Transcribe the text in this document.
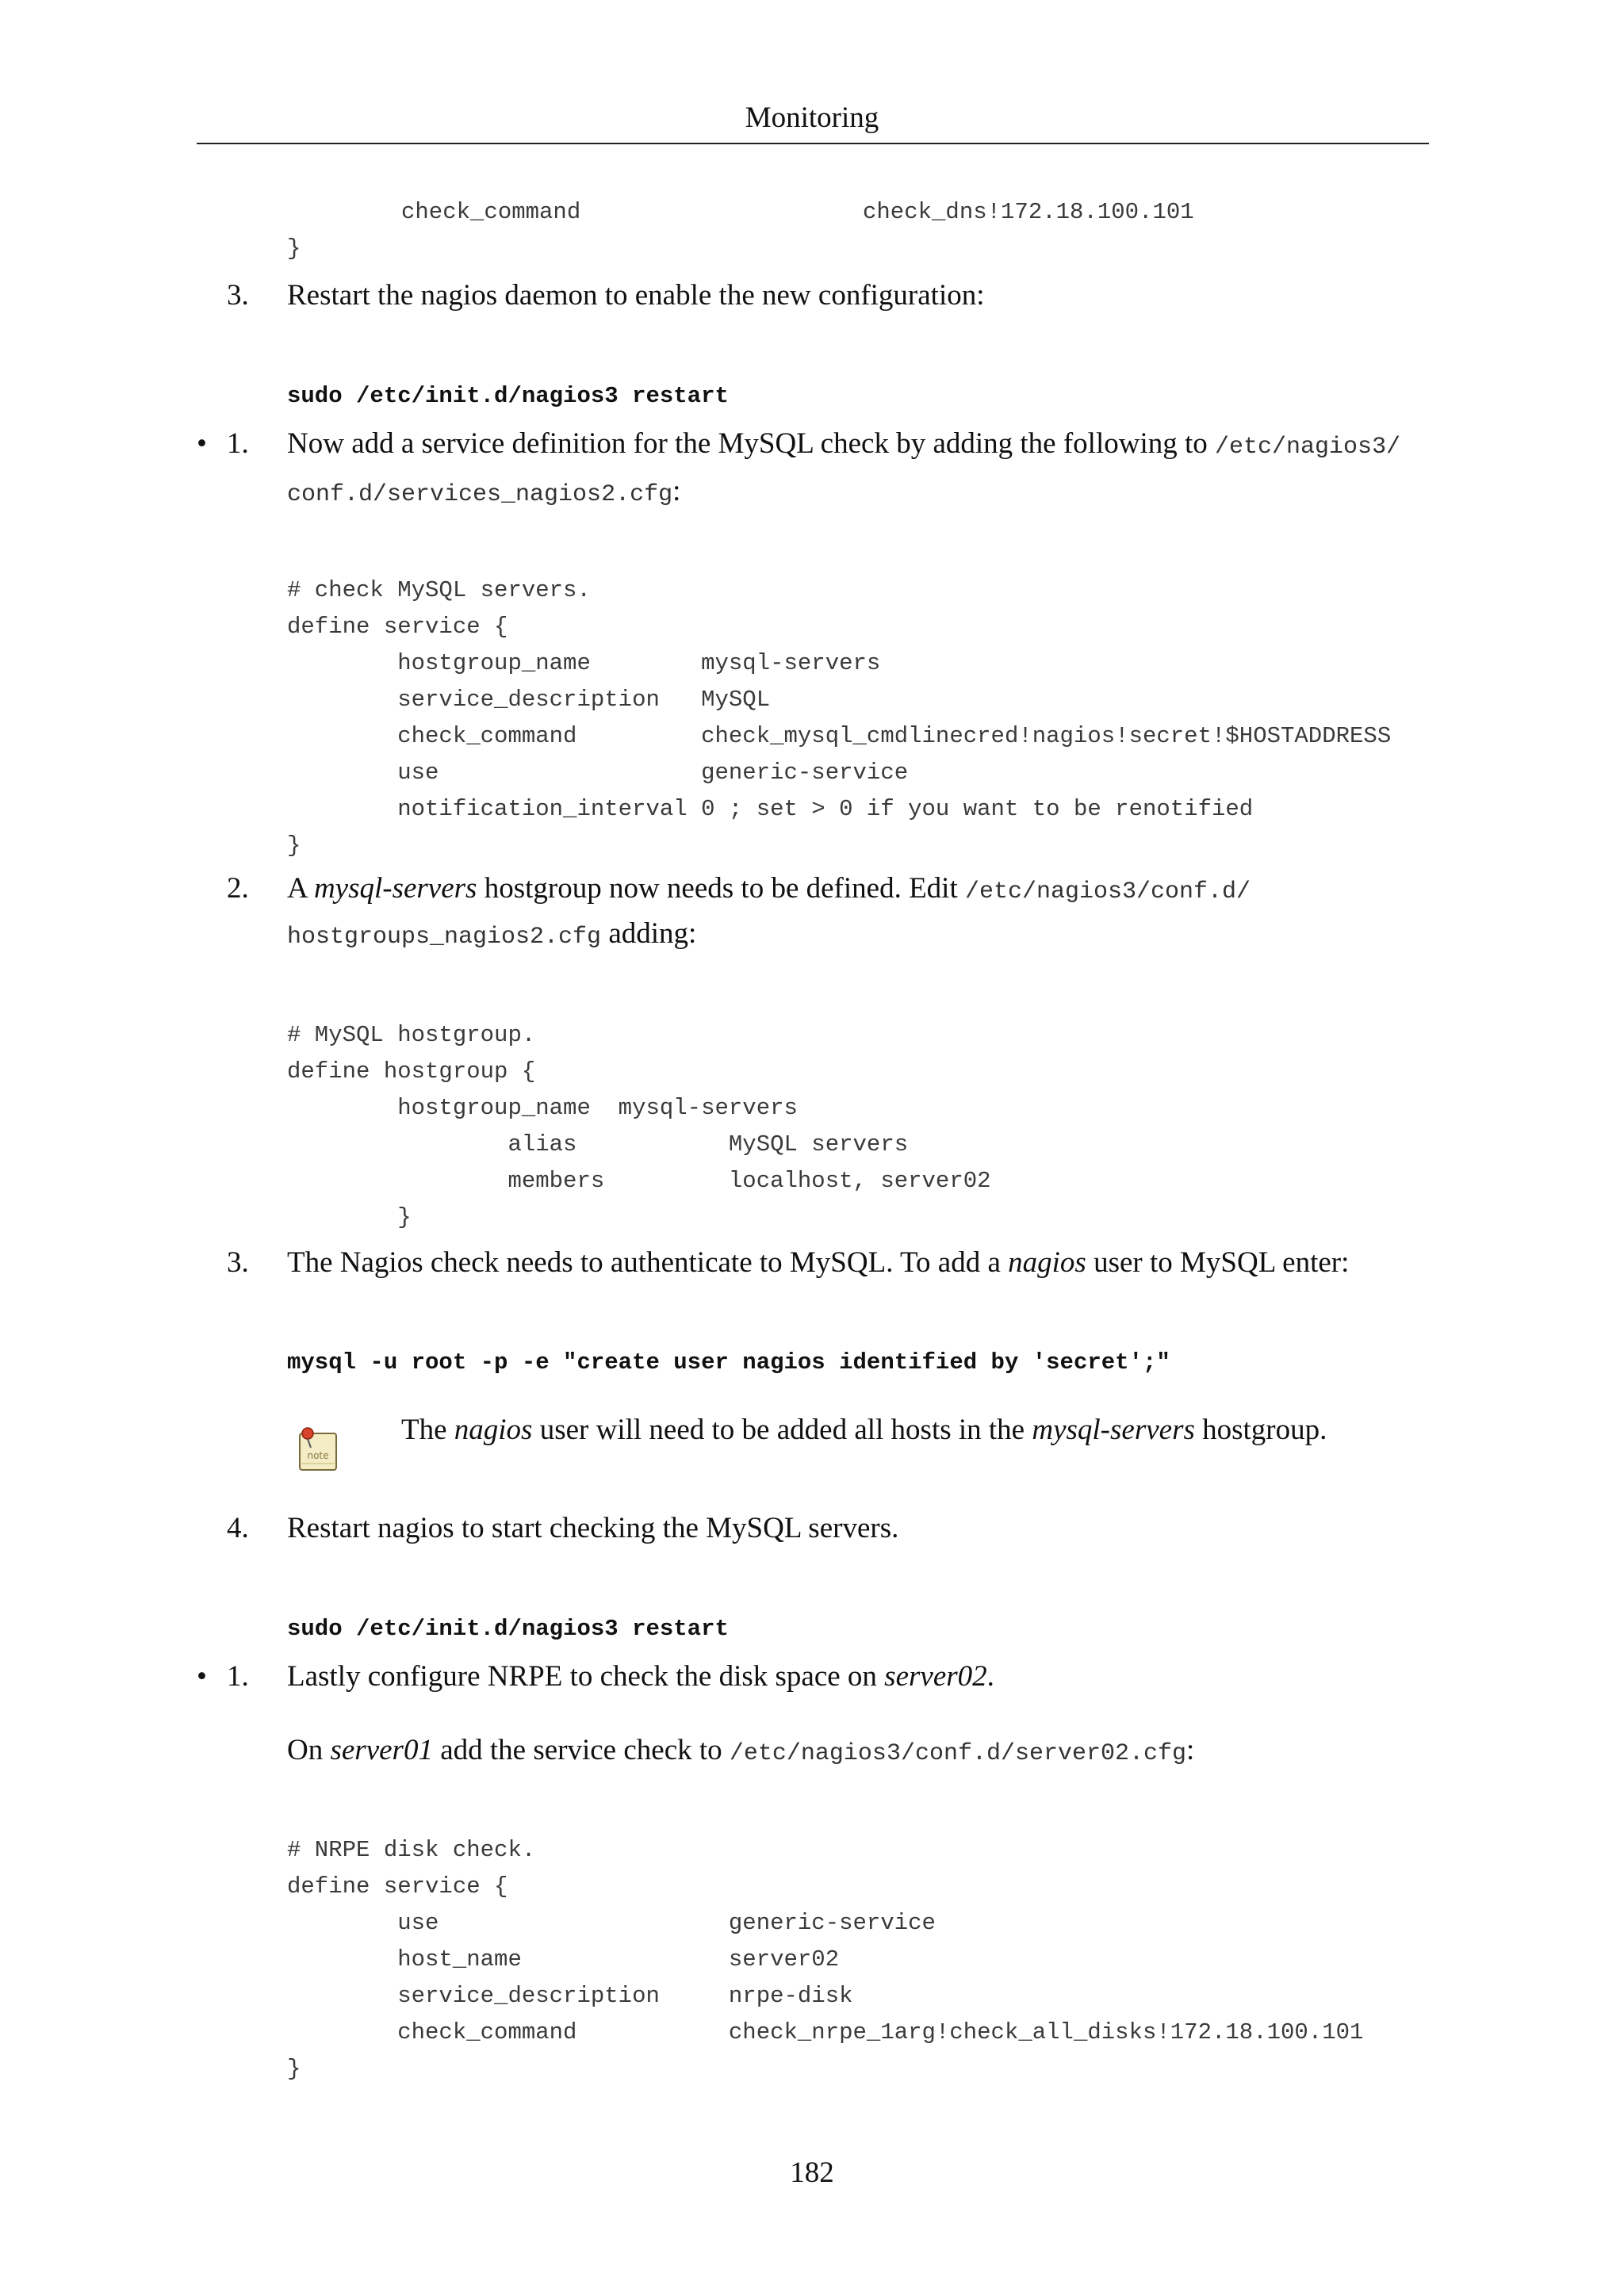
Monitoring
check_command	check_dns!172.18.100.101
}
3.	Restart the nagios daemon to enable the new configuration:
sudo /etc/init.d/nagios3 restart
• 1.	Now add a service definition for the MySQL check by adding the following to /etc/nagios3/
conf.d/services_nagios2.cfg:
# check MySQL servers.
define service {
hostgroup_name        mysql-servers
service_description   MySQL
check_command         check_mysql_cmdlinecred!nagios!secret!$HOSTADDRESS
use                   generic-service
notification_interval 0 ; set > 0 if you want to be renotified
}
2.	A mysql-servers hostgroup now needs to be defined. Edit /etc/nagios3/conf.d/
hostgroups_nagios2.cfg adding:
# MySQL hostgroup.
define hostgroup {
hostgroup_name  mysql-servers
alias           MySQL servers
members         localhost, server02
}
3.	The Nagios check needs to authenticate to MySQL. To add a nagios user to MySQL enter:
mysql -u root -p -e "create user nagios identified by 'secret';"
note
The nagios user will need to be added all hosts in the mysql-servers hostgroup.
4.	Restart nagios to start checking the MySQL servers.
sudo /etc/init.d/nagios3 restart
• 1.	Lastly configure NRPE to check the disk space on server02.
On server01 add the service check to /etc/nagios3/conf.d/server02.cfg:
# NRPE disk check.
define service {
use                     generic-service
host_name               server02
service_description     nrpe-disk
check_command           check_nrpe_1arg!check_all_disks!172.18.100.101
}
182
